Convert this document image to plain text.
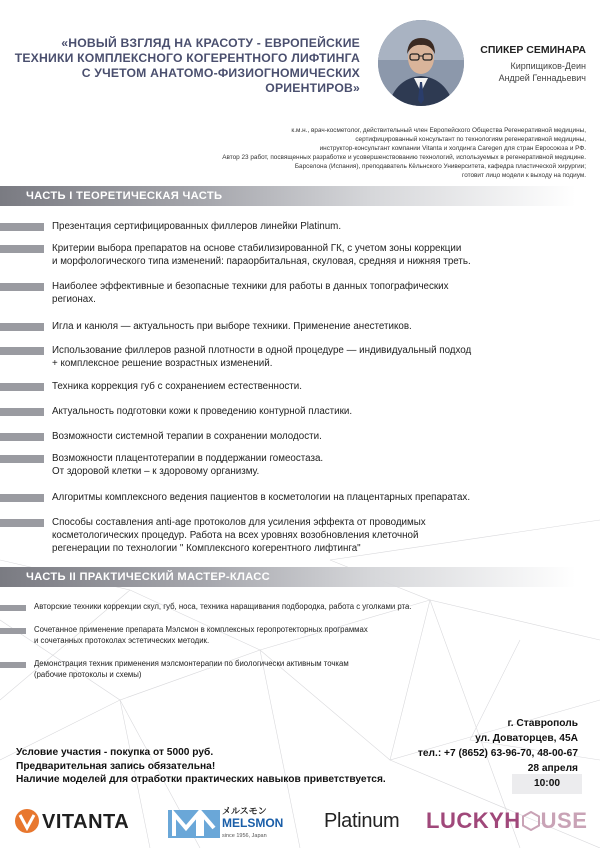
«НОВЫЙ ВЗГЛЯД НА КРАСОТУ - ЕВРОПЕЙСКИЕ ТЕХНИКИ КОМПЛЕКСНОГО КОГЕРЕНТНОГО ЛИФТИНГА С УЧЕТОМ АНАТОМО-ФИЗИОГНОМИЧЕСКИХ ОРИЕНТИРОВ»
СПИКЕР СЕМИНАРА
Кирпищиков-Деин
Андрей Геннадьевич
к.м.н., врач-косметолог, действительный член Европейского Общества Регенеративной медицины,
сертифицированный консультант по технологиям регенеративной медицины,
инструктор-консультант компании Vitanta и холдинга Caregen для стран Евросоюза и РФ.
Автор 23 работ, посвященных разработке и усовершенствованию технологий, используемых в регенеративной медицине.
Барселона (Испания), преподаватель Кёльнского Университета, кафедра пластической хирургии;
готовит лицо модели к выходу на подиум.
ЧАСТЬ I ТЕОРЕТИЧЕСКАЯ ЧАСТЬ
Презентация сертифицированных филлеров линейки Platinum.
Критерии выбора препаратов на основе стабилизированной ГК, с учетом зоны коррекции
и морфологического типа изменений: параорбитальная, скуловая, средняя и нижняя треть.
Наиболее эффективные и безопасные техники для работы в данных топографических
регионах.
Игла и канюля — актуальность при выборе техники. Применение анестетиков.
Использование филлеров разной плотности в одной процедуре — индивидуальный подход
+ комплексное решение возрастных изменений.
Техника коррекция губ с сохранением естественности.
Актуальность подготовки кожи к проведению контурной пластики.
Возможности системной терапии в сохранении молодости.
Возможности плацентотерапии в поддержании гомеостаза.
От здоровой клетки – к здоровому организму.
Алгоритмы комплексного ведения пациентов в косметологии на плацентарных препаратах.
Способы составления anti-age протоколов для усиления эффекта от проводимых
косметологических процедур. Работа на всех уровнях возобновления клеточной
регенерации по технологии " Комплексного когерентного лифтинга"
ЧАСТЬ II ПРАКТИЧЕСКИЙ МАСТЕР-КЛАСС
Авторские техники коррекции скул, губ, носа, техника наращивания подбородка, работа с уголками рта.
Сочетанное применение препарата Мэлсмон в комплексных геропротекторных программах
и сочетанных протоколах эстетических методик.
Демонстрация техник применения мэлсмонтерапии по биологически активным точкам
(рабочие протоколы и схемы)
г. Ставрополь
ул. Доваторцев, 45А
тел.: +7 (8652) 63-96-70, 48-00-67
28 апреля
10:00
Условие участия - покупка от 5000 руб.
Предварительная запись обязательна!
Наличие моделей для отработки практических навыков приветствуется.
VITANTA	メルスモン
MELSMON
since 1956, Japan
Platinum LUCKYH USE
